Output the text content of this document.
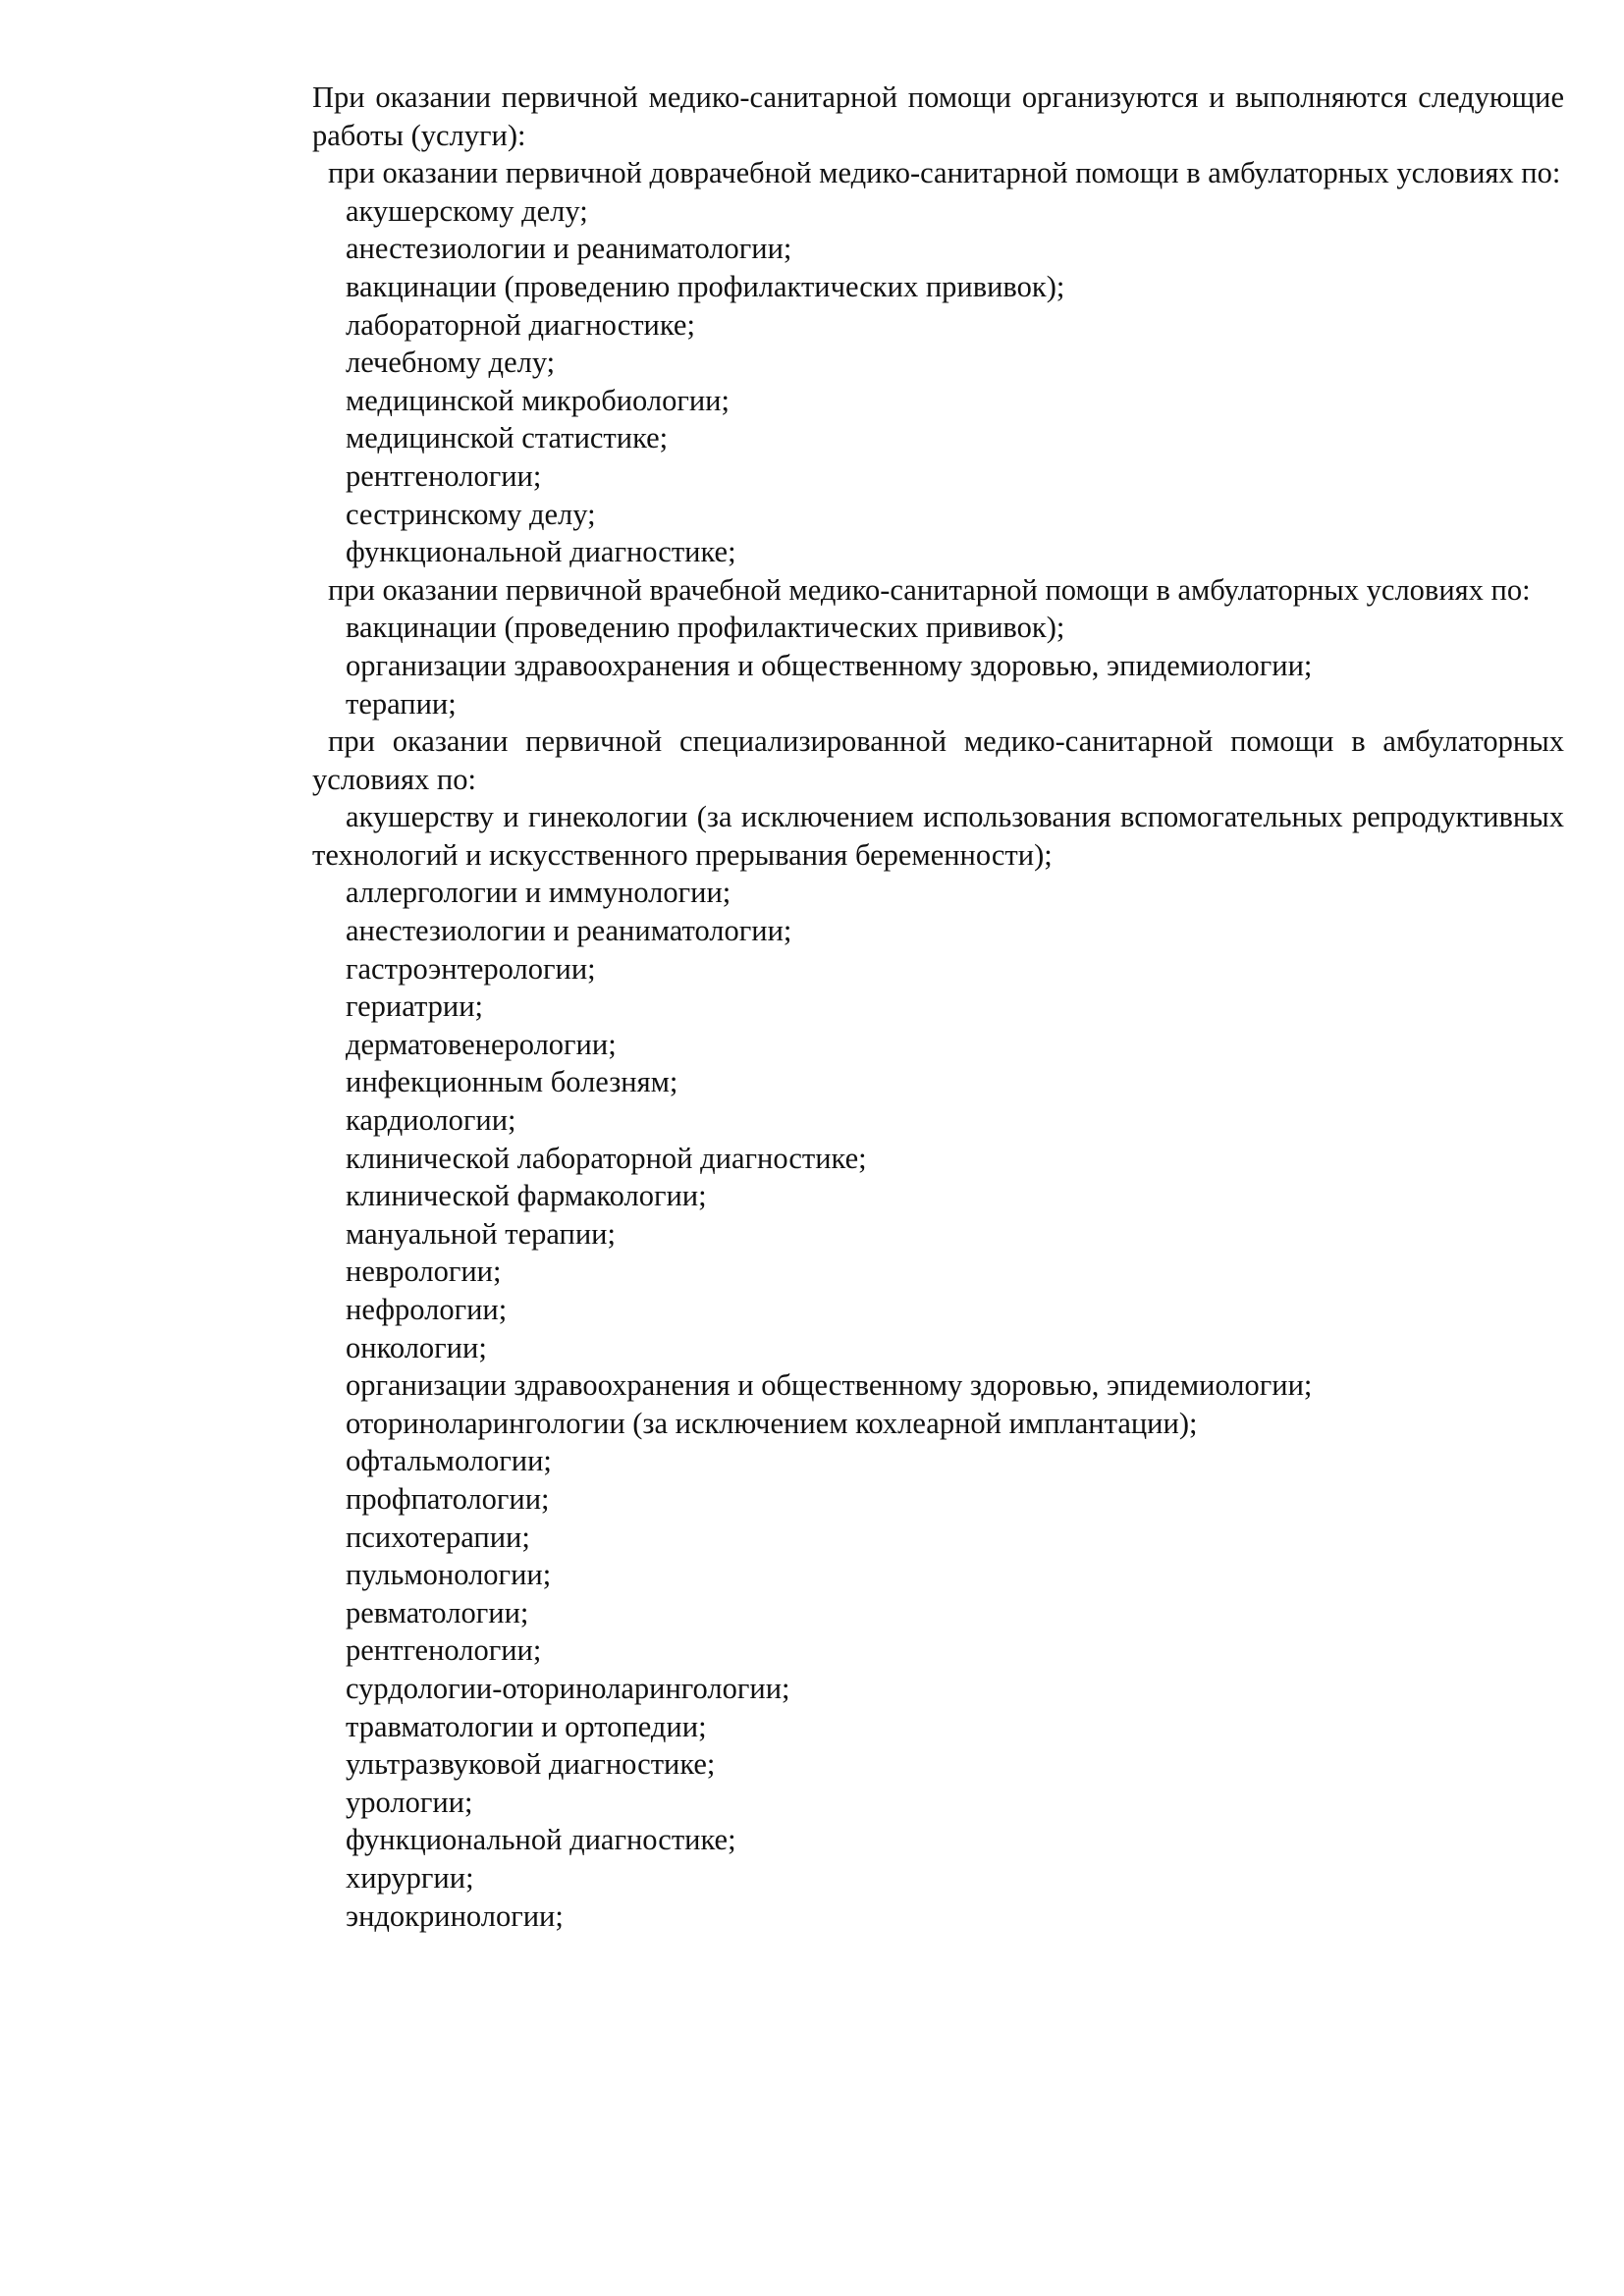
При оказании первичной медико-санитарной помощи организуются и выполняются следующие работы (услуги):

при оказании первичной доврачебной медико-санитарной помощи в амбулаторных условиях по:

акушерскому делу;

анестезиологии и реаниматологии;

вакцинации (проведению профилактических прививок);

лабораторной диагностике;

лечебному делу;

медицинской микробиологии;

медицинской статистике;

рентгенологии;

сестринскому делу;

функциональной диагностике;

при оказании первичной врачебной медико-санитарной помощи в амбулаторных условиях по:

вакцинации (проведению профилактических прививок);

организации здравоохранения и общественному здоровью, эпидемиологии;

терапии;

при оказании первичной специализированной медико-санитарной помощи в амбулаторных условиях по:

акушерству и гинекологии (за исключением использования вспомогательных репродуктивных технологий и искусственного прерывания беременности);

аллергологии и иммунологии;

анестезиологии и реаниматологии;

гастроэнтерологии;

гериатрии;

дерматовенерологии;

инфекционным болезням;

кардиологии;

клинической лабораторной диагностике;

клинической фармакологии;

мануальной терапии;

неврологии;

нефрологии;

онкологии;

организации здравоохранения и общественному здоровью, эпидемиологии;

оториноларингологии (за исключением кохлеарной имплантации);

офтальмологии;

профпатологии;

психотерапии;

пульмонологии;

ревматологии;

рентгенологии;

сурдологии-оториноларингологии;

травматологии и ортопедии;

ультразвуковой диагностике;

урологии;

функциональной диагностике;

хирургии;

эндокринологии;
